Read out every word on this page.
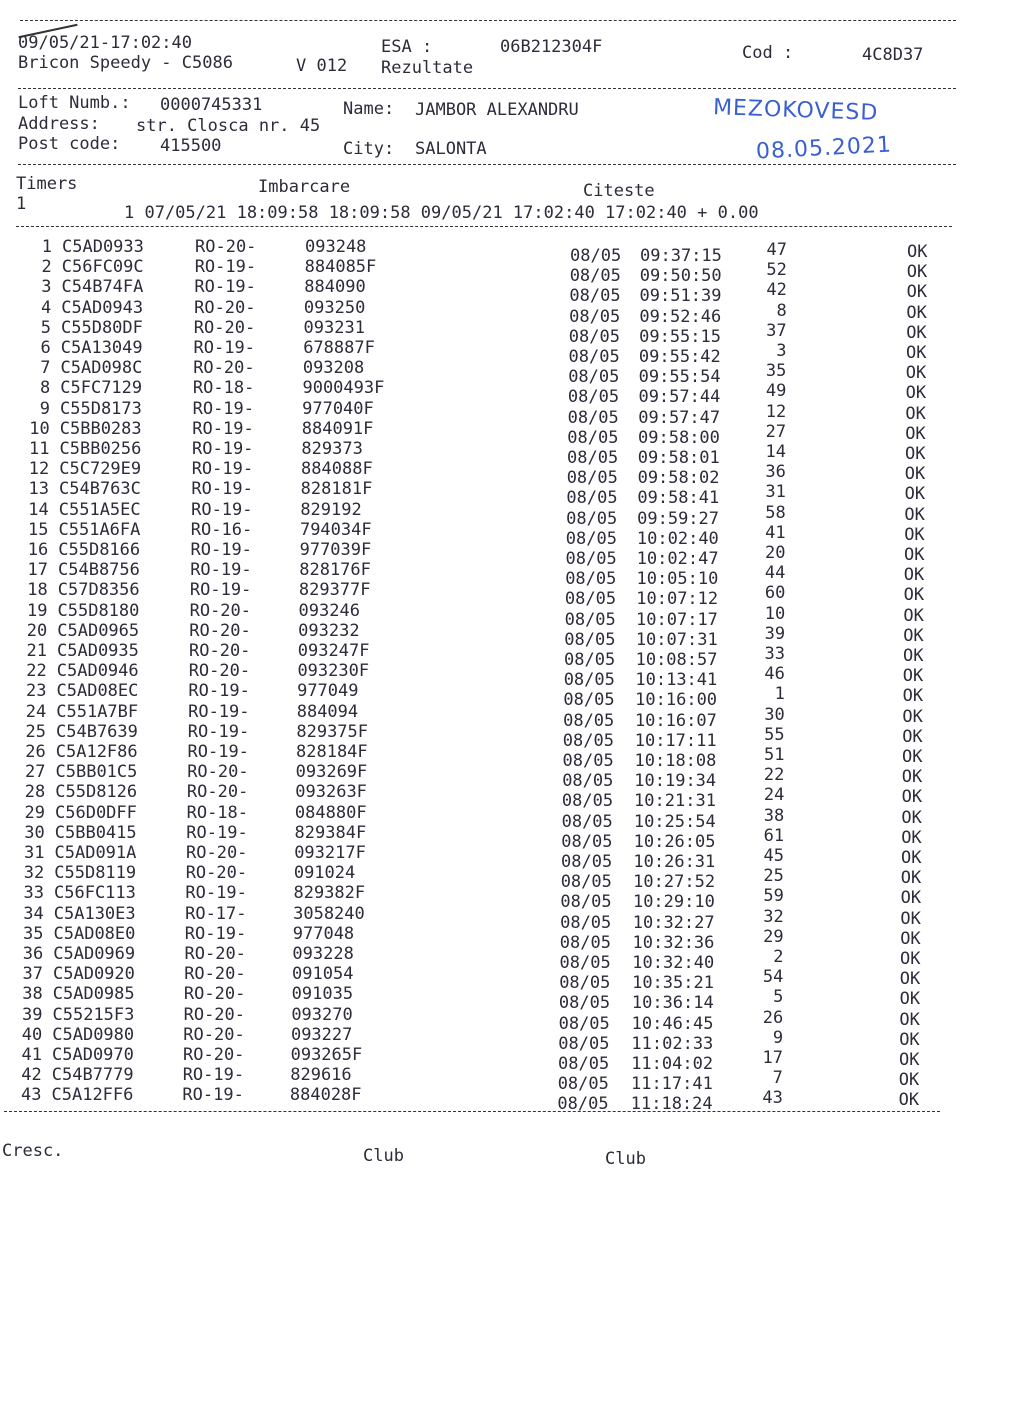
09/05/21-17:02:40	ESA :	06B212304F	Cod :	4C8D37
Bricon Speedy - C5086	V 012 Rezultate
Loft Numb.: 0000745331	Name: JAMBOR ALEXANDRU
Address: str. Closca nr. 45
Post code: 415500	City: SALONTA
MEZOKOVESD
08.05.2021
Timers	Imbarcare	Citeste
1	1 07/05/21 18:09:58 18:09:58 09/05/21 17:02:40 17:02:40 + 0.00
1 C5AD0933	RO-20-	093248	08/05 09:37:15	47	OK
2 C56FC09C	RO-19-	884085F	08/05 09:50:50	52	OK
3 C54B74FA	RO-19-	884090	08/05 09:51:39	42	OK
4 C5AD0943	RO-20-	093250	08/05 09:52:46	8	OK
5 C55D80DF	RO-20-	093231	08/05 09:55:15	37	OK
6 C5A13049	RO-19-	678887F	08/05 09:55:42	3	OK
7 C5AD098C	RO-20-	093208	08/05 09:55:54	35	OK
8 C5FC7129	RO-18-	9000493F	08/05 09:57:44	49	OK
9 C55D8173	RO-19-	977040F	08/05 09:57:47	12	OK
10 C5BB0283	RO-19-	884091F	08/05 09:58:00	27	OK
11 C5BB0256	RO-19-	829373	08/05 09:58:01	14	OK
12 C5C729E9	RO-19-	884088F	08/05 09:58:02	36	OK
13 C54B763C	RO-19-	828181F	08/05 09:58:41	31	OK
14 C551A5EC	RO-19-	829192	08/05 09:59:27	58	OK
15 C551A6FA	RO-16-	794034F	08/05 10:02:40	41	OK
16 C55D8166	RO-19-	977039F	08/05 10:02:47	20	OK
17 C54B8756	RO-19-	828176F	08/05 10:05:10	44	OK
18 C57D8356	RO-19-	829377F	08/05 10:07:12	60	OK
19 C55D8180	RO-20-	093246	08/05 10:07:17	10	OK
20 C5AD0965	RO-20-	093232	08/05 10:07:31	39	OK
21 C5AD0935	RO-20-	093247F	08/05 10:08:57	33	OK
22 C5AD0946	RO-20-	093230F	08/05 10:13:41	46	OK
23 C5AD08EC	RO-19-	977049	08/05 10:16:00	1	OK
24 C551A7BF	RO-19-	884094	08/05 10:16:07	30	OK
25 C54B7639	RO-19-	829375F	08/05 10:17:11	55	OK
26 C5A12F86	RO-19-	828184F	08/05 10:18:08	51	OK
27 C5BB01C5	RO-20-	093269F	08/05 10:19:34	22	OK
28 C55D8126	RO-20-	093263F	08/05 10:21:31	24	OK
29 C56D0DFF	RO-18-	084880F	08/05 10:25:54	38	OK
30 C5BB0415	RO-19-	829384F	08/05 10:26:05	61	OK
31 C5AD091A	RO-20-	093217F	08/05 10:26:31	45	OK
32 C55D8119	RO-20-	091024	08/05 10:27:52	25	OK
33 C56FC113	RO-19-	829382F	08/05 10:29:10	59	OK
34 C5A130E3	RO-17-	3058240	08/05 10:32:27	32	OK
35 C5AD08E0	RO-19-	977048	08/05 10:32:36	29	OK
36 C5AD0969	RO-20-	093228	08/05 10:32:40	2	OK
37 C5AD0920	RO-20-	091054	08/05 10:35:21	54	OK
38 C5AD0985	RO-20-	091035	08/05 10:36:14	5	OK
39 C55215F3	RO-20-	093270	08/05 10:46:45	26	OK
40 C5AD0980	RO-20-	093227	08/05 11:02:33	9	OK
41 C5AD0970	RO-20-	093265F	08/05 11:04:02	17	OK
42 C54B7779	RO-19-	829616	08/05 11:17:41	7	OK
43 C5A12FF6	RO-19-	884028F	08/05 11:18:24	43	OK
Cresc.	Club	Club
